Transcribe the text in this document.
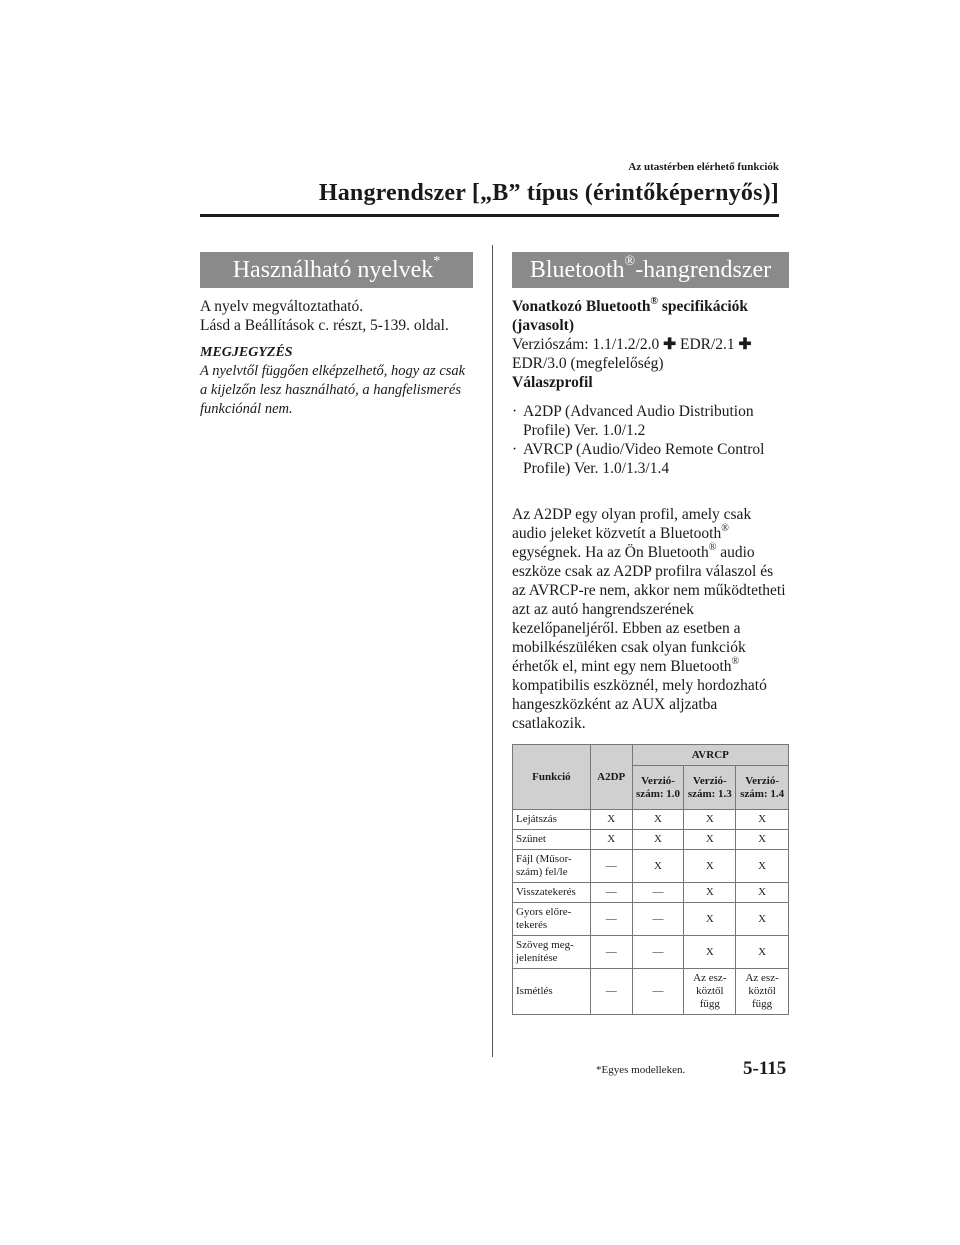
Az utastérben elérhető funkciók
Hangrendszer [„B” típus (érintőképernyős)]
Használható nyelvek*
A nyelv megváltoztatható.
Lásd a Beállítások c. részt, 5-139. oldal.
MEGJEGYZÉS
A nyelvtől függően elképzelhető, hogy az csak a kijelzőn lesz használható, a hangfelismerés funkciónál nem.
Bluetooth®-hangrendszer
Vonatkozó Bluetooth® specifikációk (javasolt)
Verziószám: 1.1/1.2/2.0 ✚ EDR/2.1 ✚ EDR/3.0 (megfelelőség)
Válaszprofil
· A2DP (Advanced Audio Distribution Profile) Ver. 1.0/1.2
· AVRCP (Audio/Video Remote Control Profile) Ver. 1.0/1.3/1.4
Az A2DP egy olyan profil, amely csak audio jeleket közvetít a Bluetooth® egységnek. Ha az Ön Bluetooth® audio eszköze csak az A2DP profilra válaszol és az AVRCP-re nem, akkor nem működtetheti azt az autó hangrendszerének kezelőpaneljéről. Ebben az esetben a mobilkészüléken csak olyan funkciók érhetők el, mint egy nem Bluetooth® kompatibilis eszköznél, mely hordozható hangeszközként az AUX aljzatba csatlakozik.
Funkció	A2DP	AVRCP		
		Verzió-szám: 1.0	Verzió-szám: 1.3	Verzió-szám: 1.4
Lejátszás	X	X	X	X
Szünet	X	X	X	X
Fájl (Műsor-szám) fel/le	—	X	X	X
Visszatekerés	—	—	X	X
Gyors előre-tekerés	—	—	X	X
Szöveg meg-jelenítése	—	—	X	X
Ismétlés	—	—	Az esz-köztől függ	Az esz-köztől függ
*Egyes modelleken.	5-115
